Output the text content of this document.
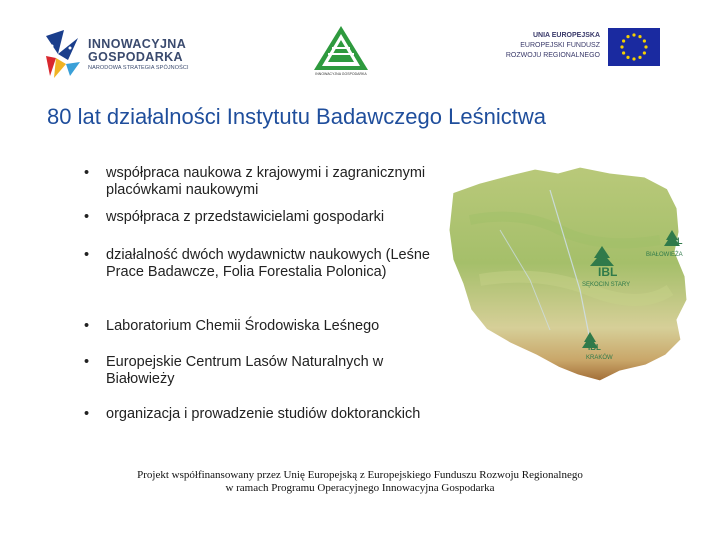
INNOWACYJNA
GOSPODARKA
NARODOWA STRATEGIA SPÓJNOŚCI
INNOWACYJNA GOSPODARKA
UNIA EUROPEJSKA
EUROPEJSKI FUNDUSZ
ROZWOJU REGIONALNEGO
80 lat działalności Instytutu Badawczego Leśnictwa
• współpraca naukowa z krajowymi i zagranicznymi placówkami naukowymi
• współpraca z przedstawicielami gospodarki
• działalność dwóch wydawnictw naukowych (Leśne Prace Badawcze, Folia Forestalia Polonica)
• Laboratorium Chemii Środowiska Leśnego
• Europejskie Centrum Lasów Naturalnych w Białowieży
• organizacja i prowadzenie studiów doktoranckich
IBL
BIAŁOWIEŻA
IBL
SĘKOCIN STARY
IBL
KRAKÓW
Projekt współfinansowany przez Unię Europejską z Europejskiego Funduszu Rozwoju Regionalnego
w ramach Programu Operacyjnego Innowacyjna Gospodarka
